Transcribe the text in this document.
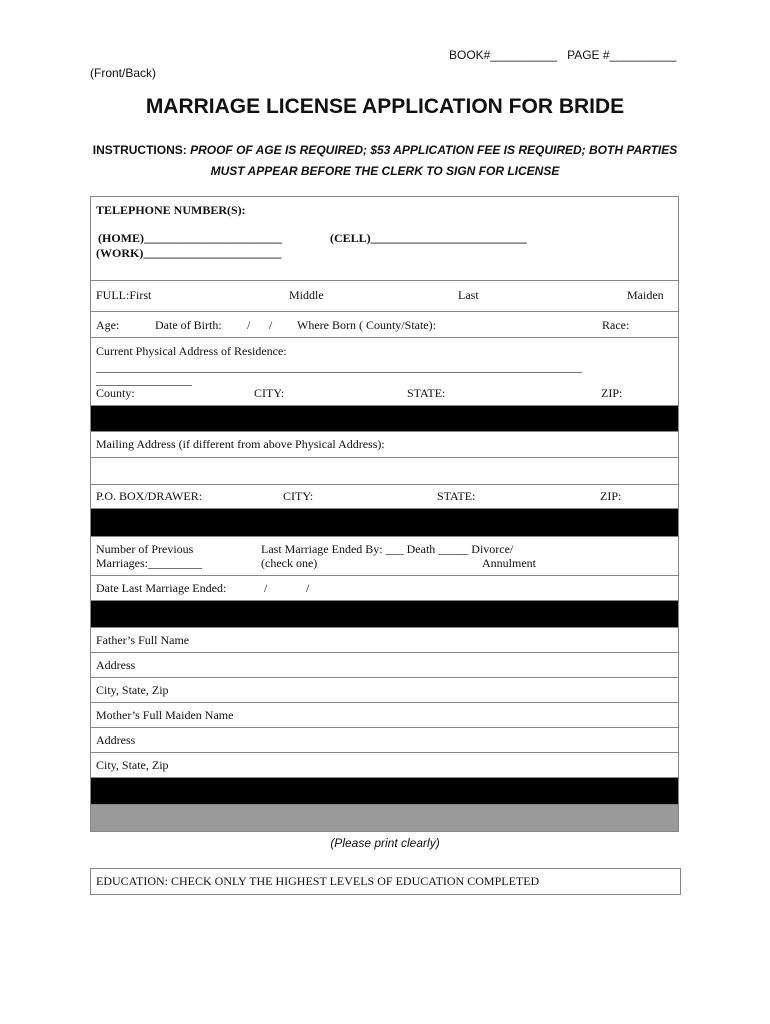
BOOK#__________ PAGE #__________
(Front/Back)
MARRIAGE LICENSE APPLICATION FOR BRIDE
INSTRUCTIONS: PROOF OF AGE IS REQUIRED; $53 APPLICATION FEE IS REQUIRED; BOTH PARTIES
MUST APPEAR BEFORE THE CLERK TO SIGN FOR LICENSE
TELEPHONE NUMBER(S):
(HOME)_______________________	(CELL)__________________________
(WORK)_______________________

FULL:First	Middle	Last	Maiden

Age:	Date of Birth: / / Where Born ( County/State):	Race:

Current Physical Address of Residence:
_________________________________________________________________________________
________________
County:	CITY:	STATE:	ZIP:

Mailing Address (if different from above Physical Address):

P.O. BOX/DRAWER:	CITY:	STATE:	ZIP:

Number of Previous
Marriages:_________
Last Marriage Ended By: ___ Death _____ Divorce/
(check one)	Annulment

Date Last Marriage Ended:	/	/

Father’s Full Name

Address

City, State, Zip

Mother’s Full Maiden Name

Address

City, State, Zip

(Please print clearly)
EDUCATION: CHECK ONLY THE HIGHEST LEVELS OF EDUCATION COMPLETED
